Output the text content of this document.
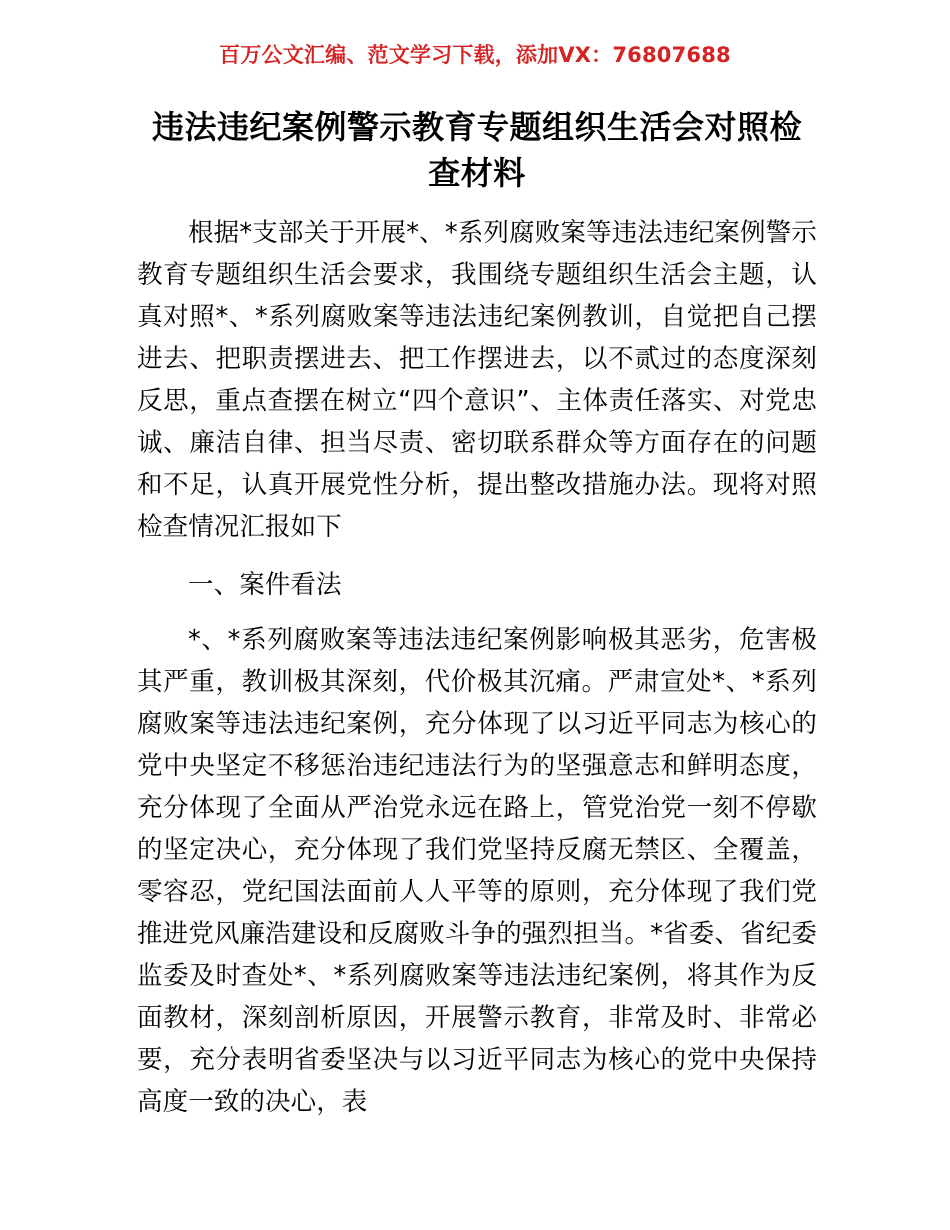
百万公文汇编、范文学习下载，添加VX：76807688
违法违纪案例警示教育专题组织生活会对照检查材料

根据*支部关于开展*、*系列腐败案等违法违纪案例警示教育专题组织生活会要求，我围绕专题组织生活会主题，认真对照*、*系列腐败案等违法违纪案例教训，自觉把自己摆进去、把职责摆进去、把工作摆进去，以不贰过的态度深刻反思，重点查摆在树立“四个意识”、主体责任落实、对党忠诚、廉洁自律、担当尽责、密切联系群众等方面存在的问题和不足，认真开展党性分析，提出整改措施办法。现将对照检查情况汇报如下

一、案件看法

*、*系列腐败案等违法违纪案例影响极其恶劣，危害极其严重，教训极其深刻，代价极其沉痛。严肃宣处*、*系列腐败案等违法违纪案例，充分体现了以习近平同志为核心的党中央坚定不移惩治违纪违法行为的坚强意志和鲜明态度，充分体现了全面从严治党永远在路上，管党治党一刻不停歇的坚定决心，充分体现了我们党坚持反腐无禁区、全覆盖，零容忍，党纪国法面前人人平等的原则，充分体现了我们党推进党风廉浩建设和反腐败斗争的强烈担当。*省委、省纪委监委及时查处*、*系列腐败案等违法违纪案例，将其作为反面教材，深刻剖析原因，开展警示教育，非常及时、非常必要，充分表明省委坚决与以习近平同志为核心的党中央保持高度一致的决心，表
